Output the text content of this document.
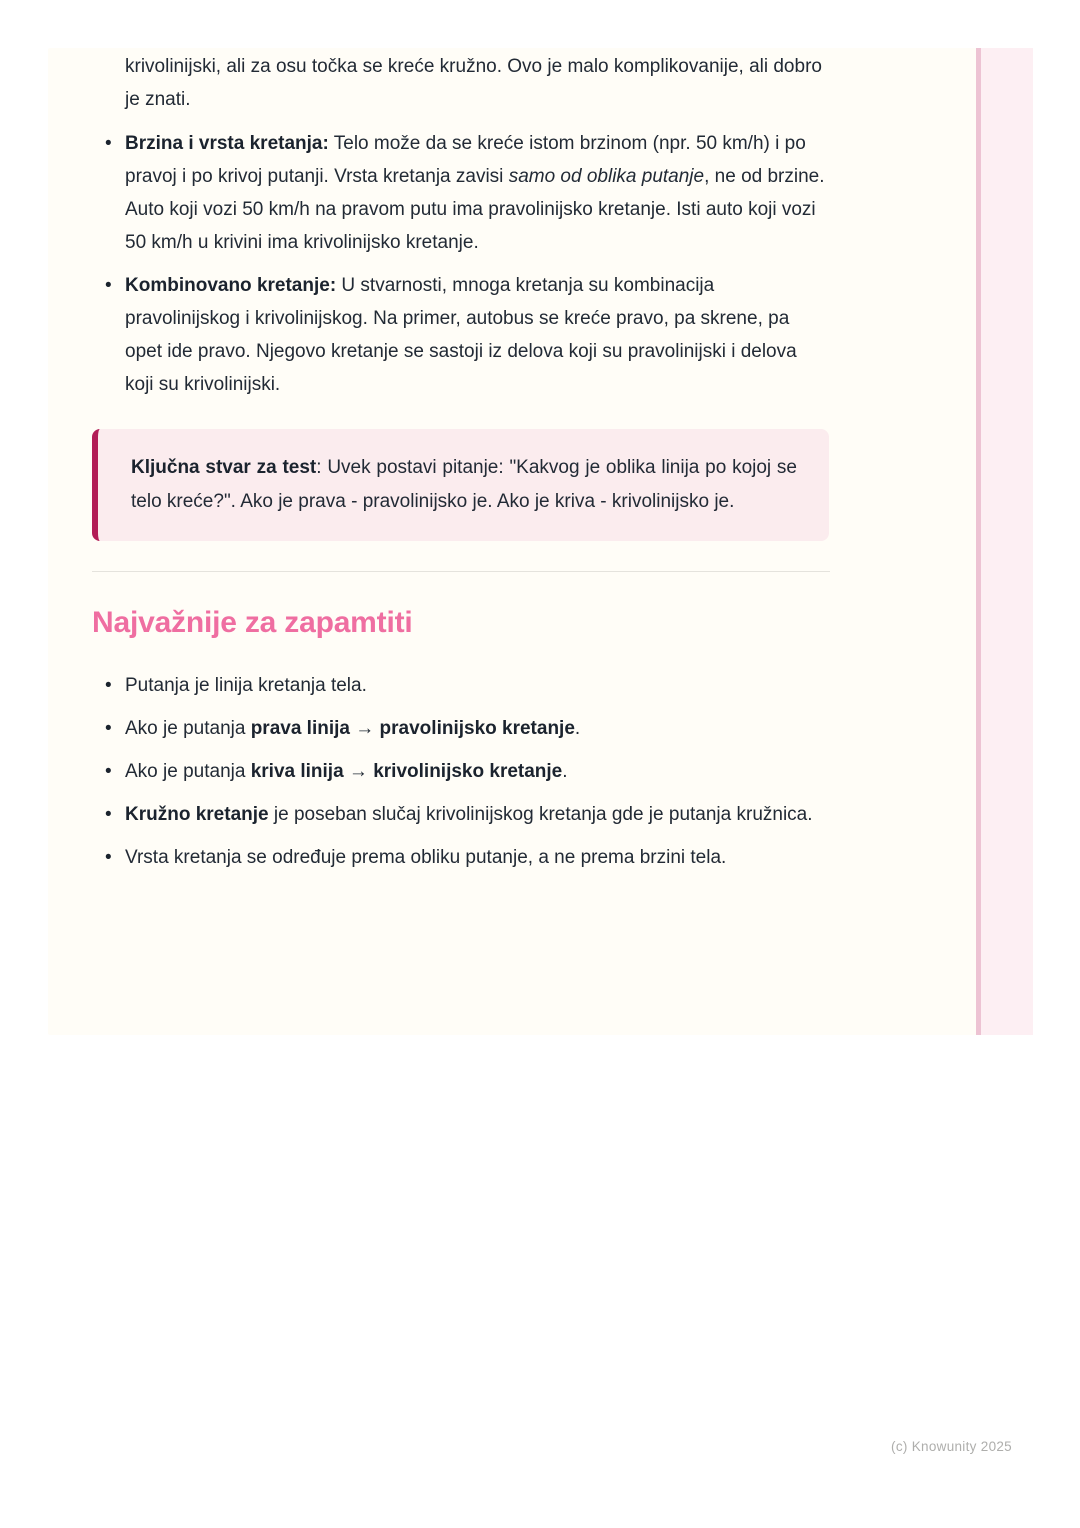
krivolinijski, ali za osu točka se kreće kružno. Ovo je malo komplikovanije, ali dobro je znati.

• Brzina i vrsta kretanja: Telo može da se kreće istom brzinom (npr. 50 km/h) i po pravoj i po krivoj putanji. Vrsta kretanja zavisi samo od oblika putanje, ne od brzine. Auto koji vozi 50 km/h na pravom putu ima pravolinijsko kretanje. Isti auto koji vozi 50 km/h u krivini ima krivolinijsko kretanje.
• Kombinovano kretanje: U stvarnosti, mnoga kretanja su kombinacija pravolinijskog i krivolinijskog. Na primer, autobus se kreće pravo, pa skrene, pa opet ide pravo. Njegovo kretanje se sastoji iz delova koji su pravolinijski i delova koji su krivolinijski.
Ključna stvar za test: Uvek postavi pitanje: "Kakvog je oblika linija po kojoj se telo kreće?". Ako je prava - pravolinijsko je. Ako je kriva - krivolinijsko je.
Najvažnije za zapamtiti
• Putanja je linija kretanja tela.
• Ako je putanja prava linija → pravolinijsko kretanje.
• Ako je putanja kriva linija → krivolinijsko kretanje.
• Kružno kretanje je poseban slučaj krivolinijskog kretanja gde je putanja kružnica.
• Vrsta kretanja se određuje prema obliku putanje, a ne prema brzini tela.
(c) Knowunity 2025
